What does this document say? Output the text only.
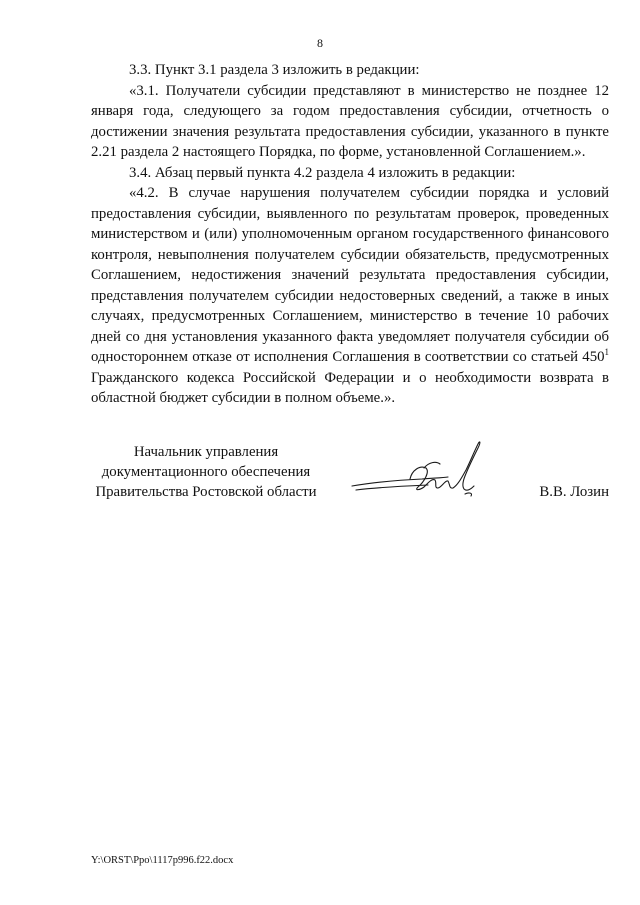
8

3.3. Пункт 3.1 раздела 3 изложить в редакции:

«3.1. Получатели субсидии представляют в министерство не позднее 12 января года, следующего за годом предоставления субсидии, отчетность о достижении значения результата предоставления субсидии, указанного в пункте 2.21 раздела 2 настоящего Порядка, по форме, установленной Соглашением.».

3.4. Абзац первый пункта 4.2 раздела 4 изложить в редакции:

«4.2. В случае нарушения получателем субсидии порядка и условий предоставления субсидии, выявленного по результатам проверок, проведенных министерством и (или) уполномоченным органом государственного финансового контроля, невыполнения получателем субсидии обязательств, предусмотренных Соглашением, недостижения значений результата предоставления субсидии, представления получателем субсидии недостоверных сведений, а также в иных случаях, предусмотренных Соглашением, министерство в течение 10 рабочих дней со дня установления указанного факта уведомляет получателя субсидии об одностороннем отказе от исполнения Соглашения в соответствии со статьей $450^1$ Гражданского кодекса Российской Федерации и о необходимости возврата в областной бюджет субсидии в полном объеме.».

Начальник управления
документационного обеспечения
Правительства Ростовской области	В.В. Лозин
Y:\ORST\Ppo\1117p996.f22.docx
